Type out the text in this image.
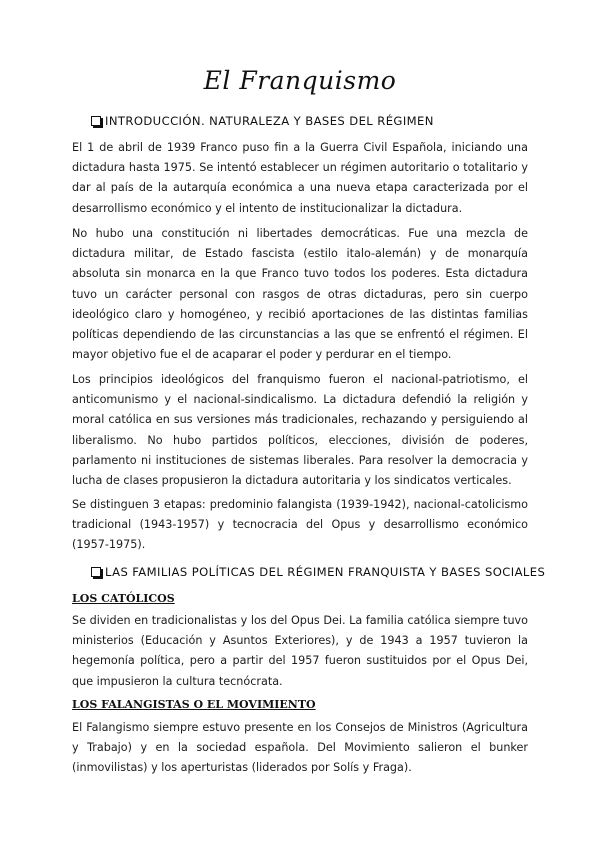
El Franquismo
INTRODUCCIÓN. NATURALEZA Y BASES DEL RÉGIMEN
El 1 de abril de 1939 Franco puso fin a la Guerra Civil Española, iniciando una dictadura hasta 1975. Se intentó establecer un régimen autoritario o totalitario y dar al país de la autarquía económica a una nueva etapa caracterizada por el desarrollismo económico y el intento de institucionalizar la dictadura.
No hubo una constitución ni libertades democráticas. Fue una mezcla de dictadura militar, de Estado fascista (estilo italo-alemán) y de monarquía absoluta sin monarca en la que Franco tuvo todos los poderes. Esta dictadura tuvo un carácter personal con rasgos de otras dictaduras, pero sin cuerpo ideológico claro y homogéneo, y recibió aportaciones de las distintas familias políticas dependiendo de las circunstancias a las que se enfrentó el régimen. El mayor objetivo fue el de acaparar el poder y perdurar en el tiempo.
Los principios ideológicos del franquismo fueron el nacional-patriotismo, el anticomunismo y el nacional-sindicalismo. La dictadura defendió la religión y moral católica en sus versiones más tradicionales, rechazando y persiguiendo al liberalismo. No hubo partidos políticos, elecciones, división de poderes, parlamento ni instituciones de sistemas liberales. Para resolver la democracia y lucha de clases propusieron la dictadura autoritaria y los sindicatos verticales.
Se distinguen 3 etapas: predominio falangista (1939-1942), nacional-catolicismo tradicional (1943-1957) y tecnocracia del Opus y desarrollismo económico (1957-1975).
LAS FAMILIAS POLÍTICAS DEL RÉGIMEN FRANQUISTA Y BASES SOCIALES
LOS CATÓLICOS
Se dividen en tradicionalistas y los del Opus Dei. La familia católica siempre tuvo ministerios (Educación y Asuntos Exteriores), y de 1943 a 1957 tuvieron la hegemonía política, pero a partir del 1957 fueron sustituidos por el Opus Dei, que impusieron la cultura tecnócrata.
LOS FALANGISTAS O EL MOVIMIENTO
El Falangismo siempre estuvo presente en los Consejos de Ministros (Agricultura y Trabajo) y en la sociedad española. Del Movimiento salieron el bunker (inmovilistas) y los aperturistas (liderados por Solís y Fraga).
